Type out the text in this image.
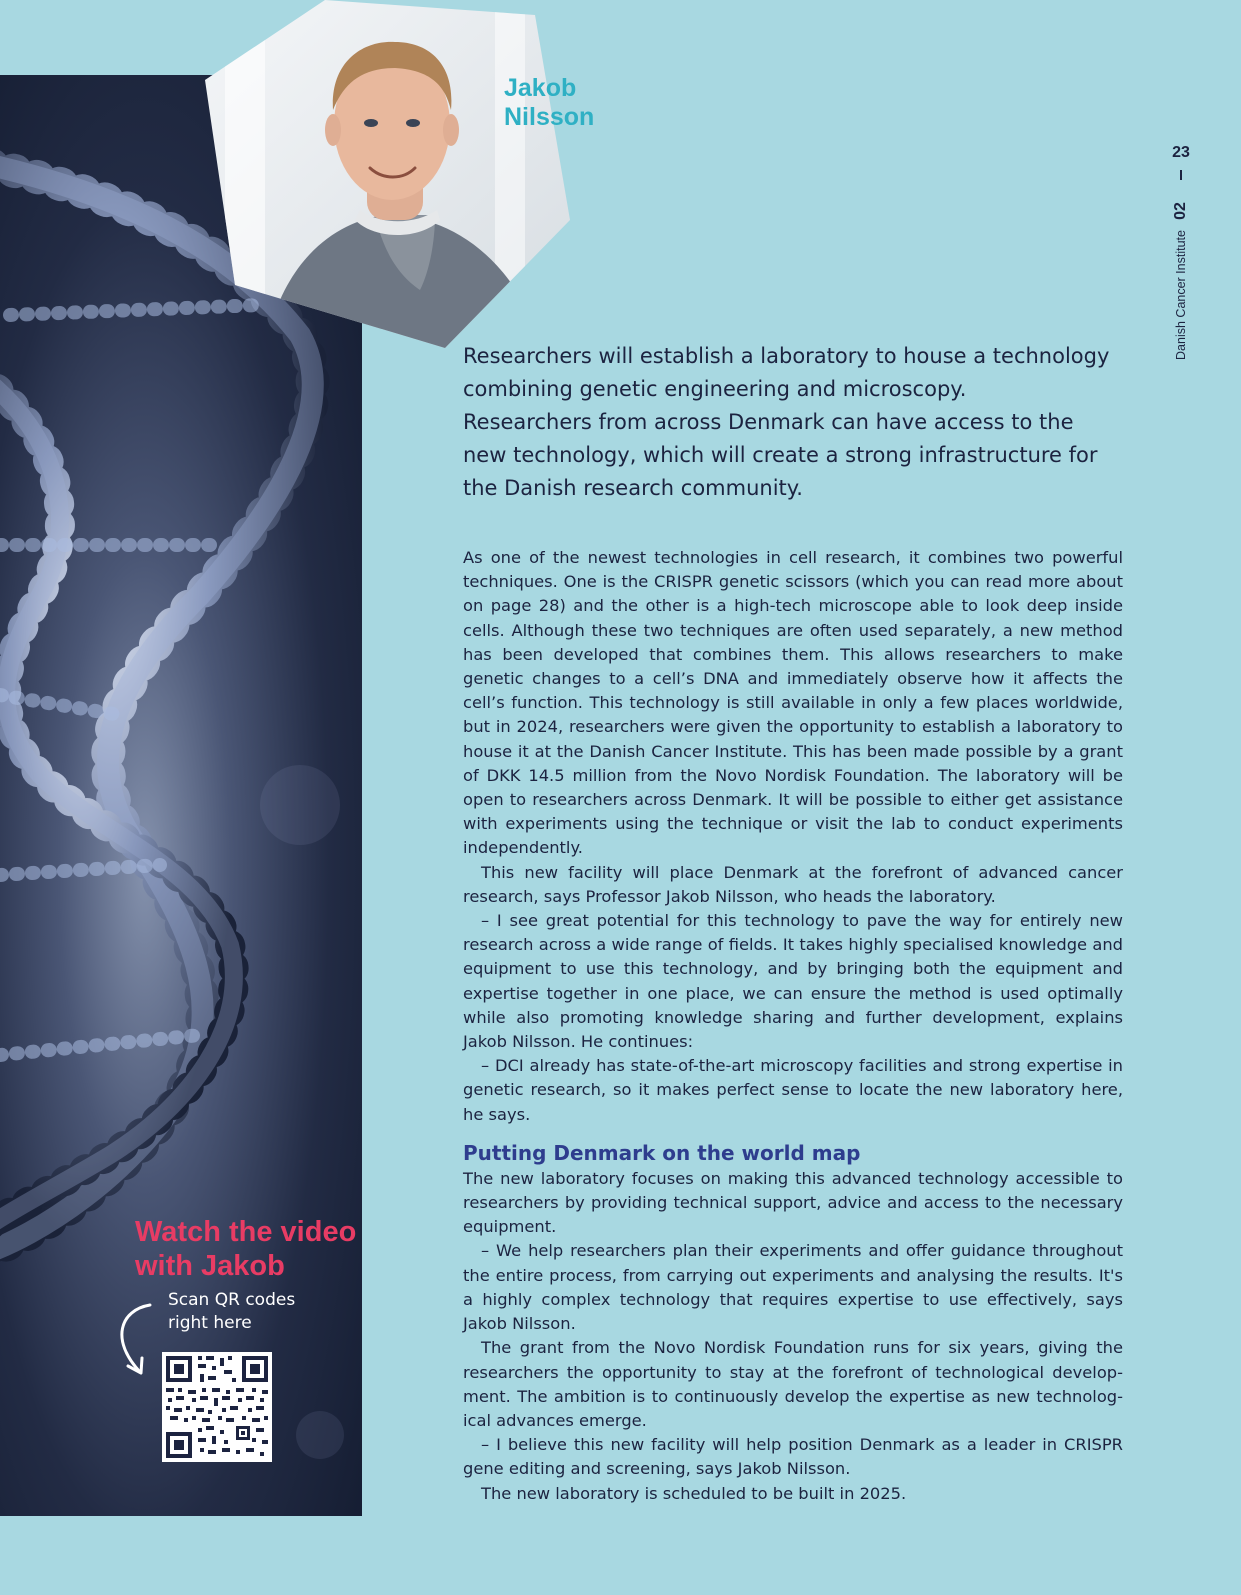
Jakob
Nilsson
23
02
Danish Cancer Institute

Researchers will establish a laboratory to house a technology combining genetic engineering and microscopy.

Researchers from across Denmark can have access to the new technology, which will create a strong infrastructure for the Danish research community.

As one of the newest technologies in cell research, it combines two powerful techniques. One is the CRISPR genetic scissors (which you can read more about on page 28) and the other is a high-tech microscope able to look deep inside cells. Although these two techniques are often used separately, a new method has been developed that combines them. This allows researchers to make genetic changes to a cell’s DNA and immediately observe how it affects the cell’s function. This technology is still available in only a few places worldwide, but in 2024, researchers were given the opportunity to establish a laboratory to house it at the Danish Cancer Institute. This has been made possible by a grant of DKK 14.5 million from the Novo Nordisk Foundation. The laboratory will be open to researchers across Denmark. It will be possible to either get assistance with experiments using the technique or visit the lab to conduct experiments independently.

This new facility will place Denmark at the forefront of advanced cancer research, says Professor Jakob Nilsson, who heads the laboratory.

– I see great potential for this technology to pave the way for entirely new research across a wide range of fields. It takes highly specialised knowledge and equipment to use this technology, and by bringing both the equipment and expertise together in one place, we can ensure the method is used optimally while also promoting knowledge sharing and further development, explains Jakob Nilsson. He continues:

– DCI already has state-of-the-art microscopy facilities and strong expertise in genetic research, so it makes perfect sense to locate the new laboratory here, he says.

Putting Denmark on the world map

The new laboratory focuses on making this advanced technology accessible to researchers by providing technical support, advice and access to the necessary equipment.

– We help researchers plan their experiments and offer guidance throughout the entire process, from carrying out experiments and analysing the results. It's a highly complex technology that requires expertise to use effectively, says Jakob Nilsson.

The grant from the Novo Nordisk Foundation runs for six years, giving the researchers the opportunity to stay at the forefront of technological develop-ment. The ambition is to continuously develop the expertise as new technolog-ical advances emerge.

– I believe this new facility will help position Denmark as a leader in CRISPR gene editing and screening, says Jakob Nilsson.

The new laboratory is scheduled to be built in 2025.

Watch the video
with Jakob
Scan QR codes
right here
